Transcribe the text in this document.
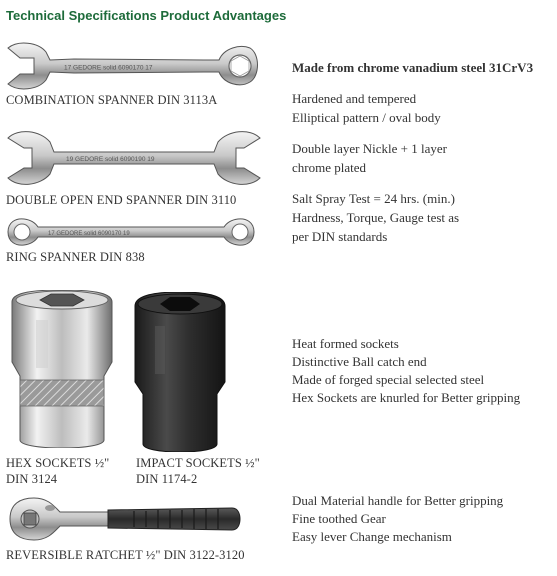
Technical Specifications Product Advantages
17 GEDORE solid 6090170 17
COMBINATION SPANNER DIN 3113A
19 GEDORE solid 6090190 19
DOUBLE OPEN END SPANNER DIN 3110
17 GEDORE solid 6090170 19
RING SPANNER DIN 838
HEX SOCKETS ½"
DIN 3124
IMPACT SOCKETS ½"
DIN 1174-2
REVERSIBLE RATCHET ½" DIN 3122-3120
Made from chrome vanadium steel 31CrV3
Hardened and tempered
Elliptical pattern / oval body
Double layer Nickle + 1 layer
chrome plated
Salt Spray Test = 24 hrs. (min.)
Hardness, Torque, Gauge test as
per DIN standards
Heat formed sockets
Distinctive Ball catch end
Made of forged special selected steel
Hex Sockets are knurled for Better gripping
Dual Material handle for Better gripping
Fine toothed Gear
Easy lever Change mechanism
